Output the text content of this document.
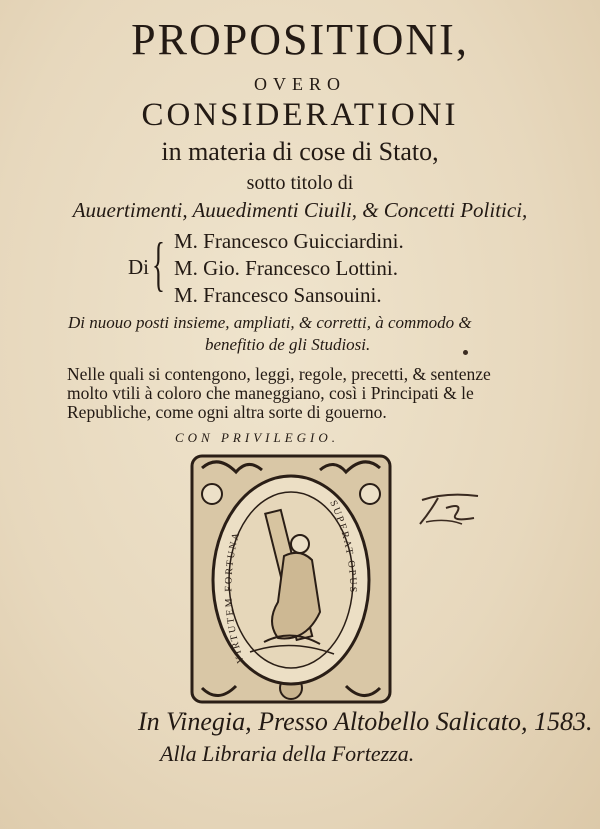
PROPOSITIONI,
OVERO
CONSIDERATIONI
in materia di cose di Stato,
sotto titolo di
Auuertimenti, Auuedimenti Ciuili, & Concetti Politici,
Di { M. Francesco Guicciardini.
M. Gio. Francesco Lottini.
M. Francesco Sansouini.
Di nuouo posti insieme, ampliati, & corretti, à commodo &
benefitio de gli Studiosi.
Nelle quali si contengono, leggi, regole, precetti, & sentenze
molto vtili à coloro che maneggiano, così i Principati & le
Republiche, come ogni altra sorte di gouerno.
CON PRIVILEGIO.
VIRTUTEM FORTUNA
SUPERAT OPUS
In Vinegia, Presso Altobello Salicato, 1583.
Alla Libraria della Fortezza.
